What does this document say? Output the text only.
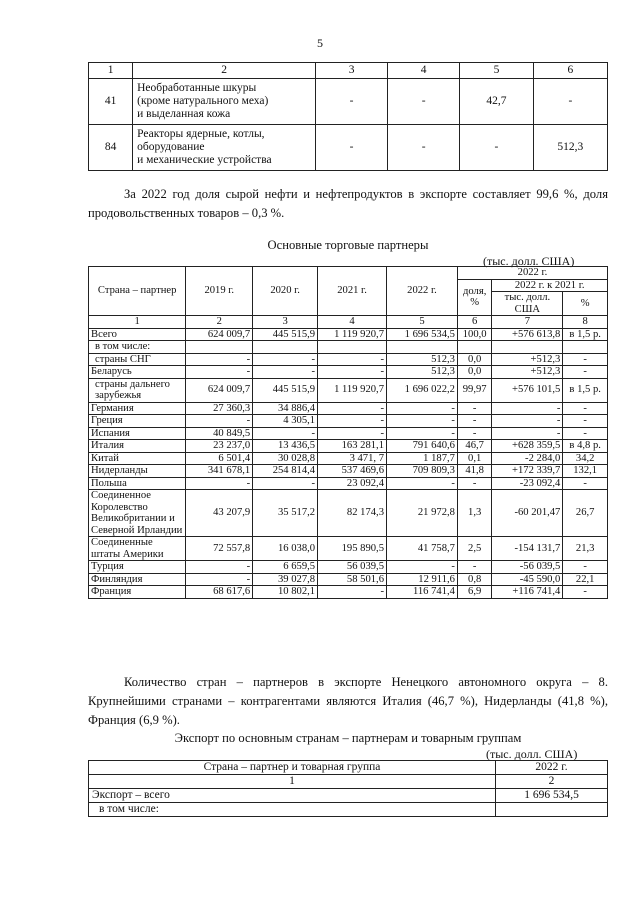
5
1	2	3	4	5	6
41	Необработанные шкуры
(кроме натурального меха)
и выделанная кожа	-	-	42,7	-
84	Реакторы ядерные, котлы,
оборудование
и механические устройства	-	-	-	512,3

За 2022 год доля сырой нефти и нефтепродуктов в экспорте составляет 99,6 %, доля продовольственных товаров – 0,3 %.

Основные торговые партнеры
(тыс. долл. США)
Страна – партнер	2019 г.	2020 г.	2021 г.	2022 г.	2022 г.		
					доля, %	2022 г. к 2021 г.	
						тыс. долл. США	%
1	2	3	4	5	6	7	8
Всего	624 009,7	445 515,9	1 119 920,7	1 696 534,5	100,0	+576 613,8	в 1,5 р.
в том числе:							
страны СНГ	-	-	-	512,3	0,0	+512,3	-
Беларусь	-	-	-	512,3	0,0	+512,3	-
страны дальнего зарубежья	624 009,7	445 515,9	1 119 920,7	1 696 022,2	99,97	+576 101,5	в 1,5 р.
Германия	27 360,3	34 886,4	-	-	-	-	-
Греция	-	4 305,1	-	-	-	-	-
Испания	40 849,5	-	-	-	-	-	-
Италия	23 237,0	13 436,5	163 281,1	791 640,6	46,7	+628 359,5	в 4,8 р.
Китай	6 501,4	30 028,8	3 471, 7	1 187,7	0,1	-2 284,0	34,2
Нидерланды	341 678,1	254 814,4	537 469,6	709 809,3	41,8	+172 339,7	132,1
Польша	-	-	23 092,4	-	-	-23 092,4	-
Соединенное Королевство Великобритании и Северной Ирландии	43 207,9	35 517,2	82 174,3	21 972,8	1,3	-60 201,47	26,7
Соединенные штаты Америки	72 557,8	16 038,0	195 890,5	41 758,7	2,5	-154 131,7	21,3
Турция	-	6 659,5	56 039,5	-	-	-56 039,5	-
Финляндия	-	39 027,8	58 501,6	12 911,6	0,8	-45 590,0	22,1
Франция	68 617,6	10 802,1	-	116 741,4	6,9	+116 741,4	-

Количество стран – партнеров в экспорте Ненецкого автономного округа – 8. Крупнейшими странами – контрагентами являются Италия (46,7 %), Нидерланды (41,8 %), Франция (6,9 %).

Экспорт по основным странам – партнерам и товарным группам
(тыс. долл. США)
Страна – партнер и товарная группа	2022 г.
1	2
Экспорт – всего	1 696 534,5
в том числе:	
